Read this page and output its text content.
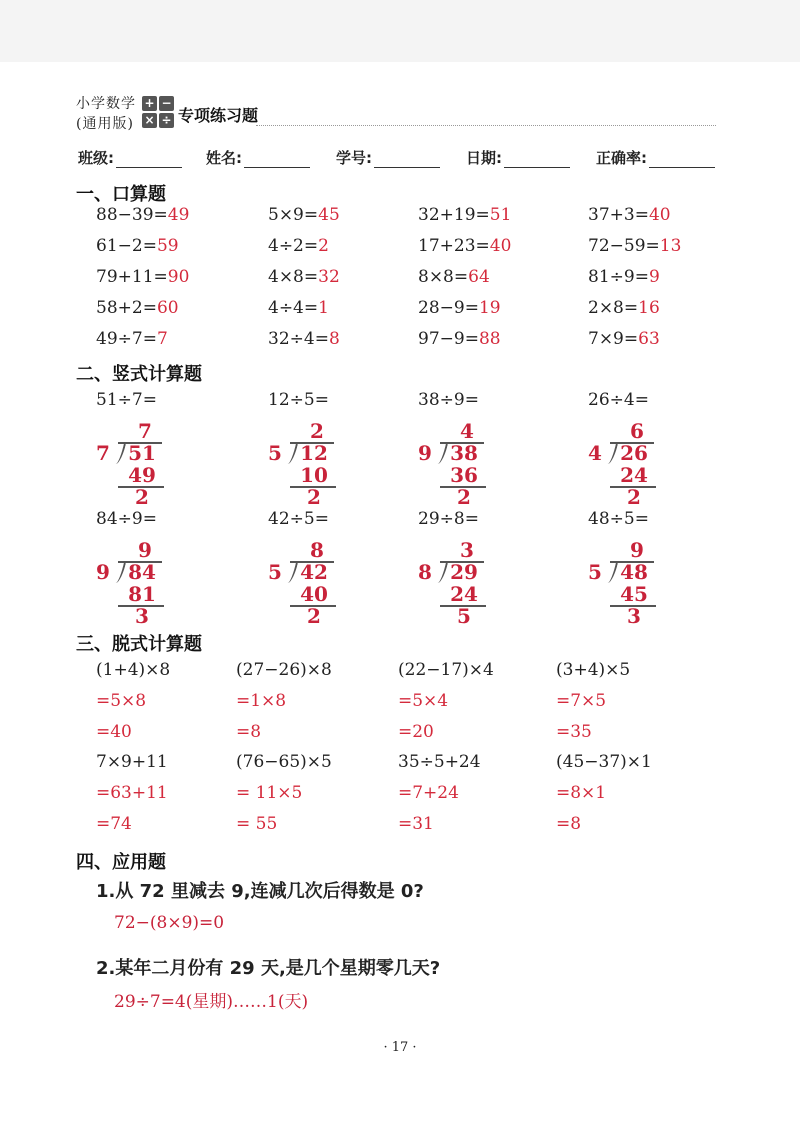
小学数学
(通用版)
+ −
× ÷ 专项练习题
班级:	姓名:	学号:	日期:	正确率:
一、口算题
88−39=49	5×9=45	32+19=51	37+3=40
61−2=59	4÷2=2	17+23=40	72−59=13
79+11=90	4×8=32	8×8=64	81÷9=9
58+2=60	4÷4=1	28−9=19	2×8=16
49÷7=7	32÷4=8	97−9=88	7×9=63
二、竖式计算题
51÷7=
7
7 51
49
2
12÷5=
2
5 12
10
2
38÷9=
4
9 38
36
2
26÷4=
6
4 26
24
2
84÷9=
9
9 84
81
3
42÷5=
8
5 42
40
2
29÷8=
3
8 29
24
5
48÷5=
9
5 48
45
3
三、脱式计算题
(1+4)×8
=5×8
=40
(27−26)×8
=1×8
=8
(22−17)×4
=5×4
=20
(3+4)×5
=7×5
=35
7×9+11
=63+11
=74
(76−65)×5
= 11×5
= 55
35÷5+24
=7+24
=31
(45−37)×1
=8×1
=8
四、应用题
1.从 72 里减去 9,连减几次后得数是 0?
72−(8×9)=0
2.某年二月份有 29 天,是几个星期零几天?
29÷7=4(星期)……1(天)
· 17 ·
